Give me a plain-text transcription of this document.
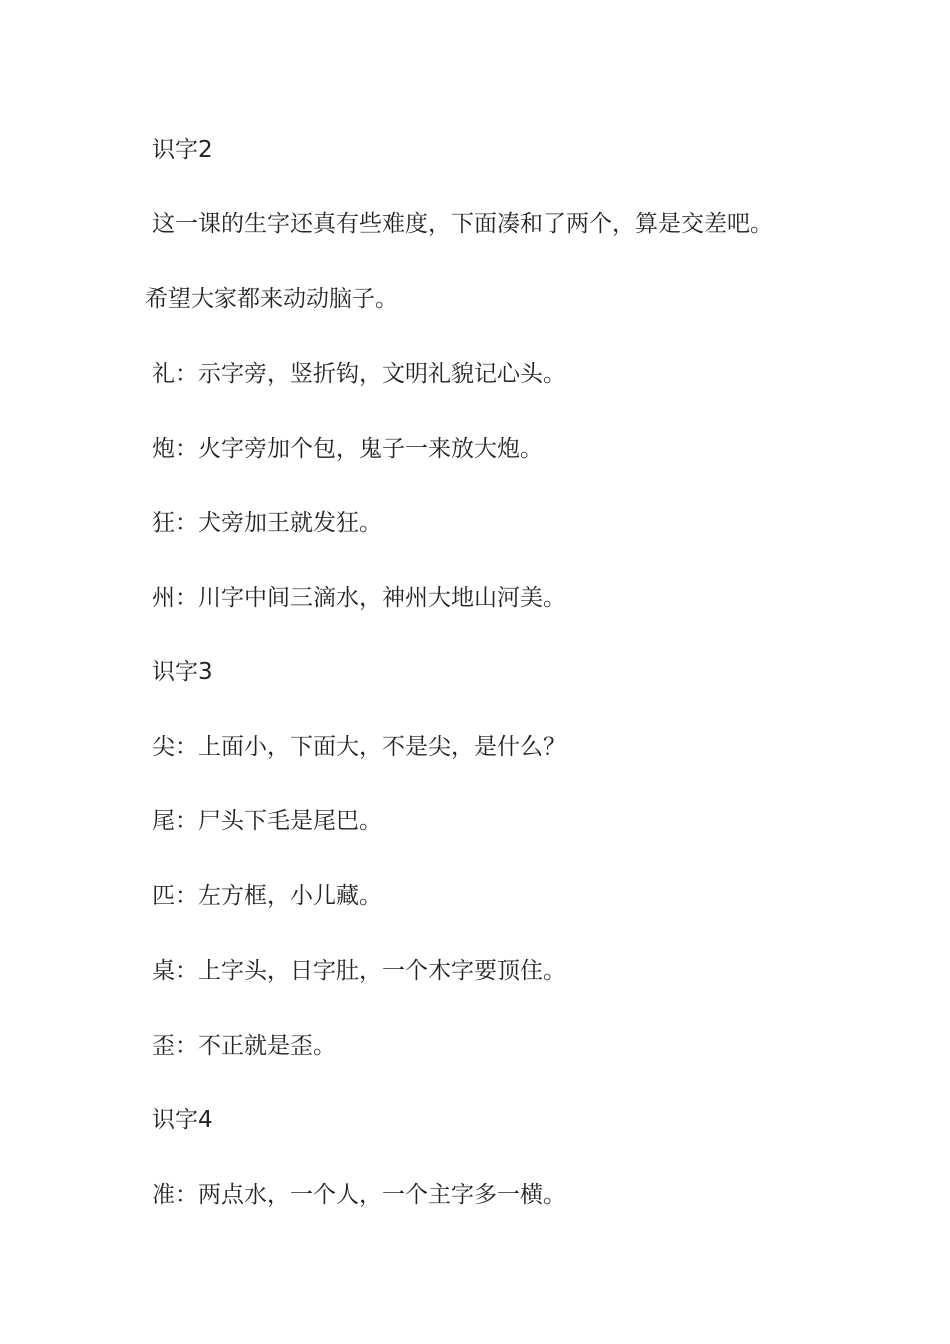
识字2

这一课的生字还真有些难度，下面凑和了两个，算是交差吧。

希望大家都来动动脑子。

礼：示字旁，竖折钩，文明礼貌记心头。

炮：火字旁加个包，鬼子一来放大炮。

狂：犬旁加王就发狂。

州：川字中间三滴水，神州大地山河美。

识字3

尖：上面小，下面大，不是尖，是什么？

尾：尸头下毛是尾巴。

匹：左方框，小儿藏。

桌：上字头，日字肚，一个木字要顶住。

歪：不正就是歪。

识字4

准：两点水，一个人，一个主字多一横。
